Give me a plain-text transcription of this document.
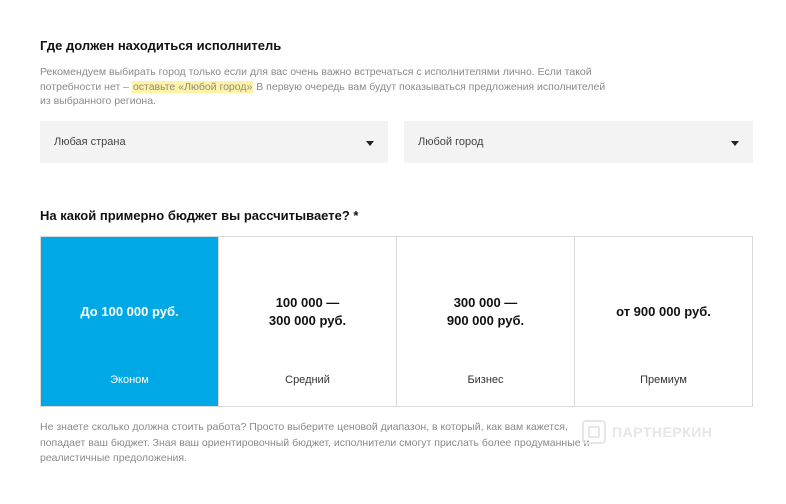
Где должен находиться исполнитель
Рекомендуем выбирать город только если для вас очень важно встречаться с исполнителями лично. Если такой потребности нет – оставьте «Любой город» В первую очередь вам будут показываться предложения исполнителей из выбранного региона.
Любая страна	Любой город
На какой примерно бюджет вы рассчитываете? *
До 100 000 руб.
Эконом
100 000 —
300 000 руб.
Средний
300 000 —
900 000 руб.
Бизнес
от 900 000 руб.
Премиум
Не знаете сколько должна стоить работа? Просто выберите ценовой диапазон, в который, как вам кажется, попадает ваш бюджет. Зная ваш ориентировочный бюджет, исполнители смогут прислать более продуманные и реалистичные предоложения.
ПАРТНЕРКИН
